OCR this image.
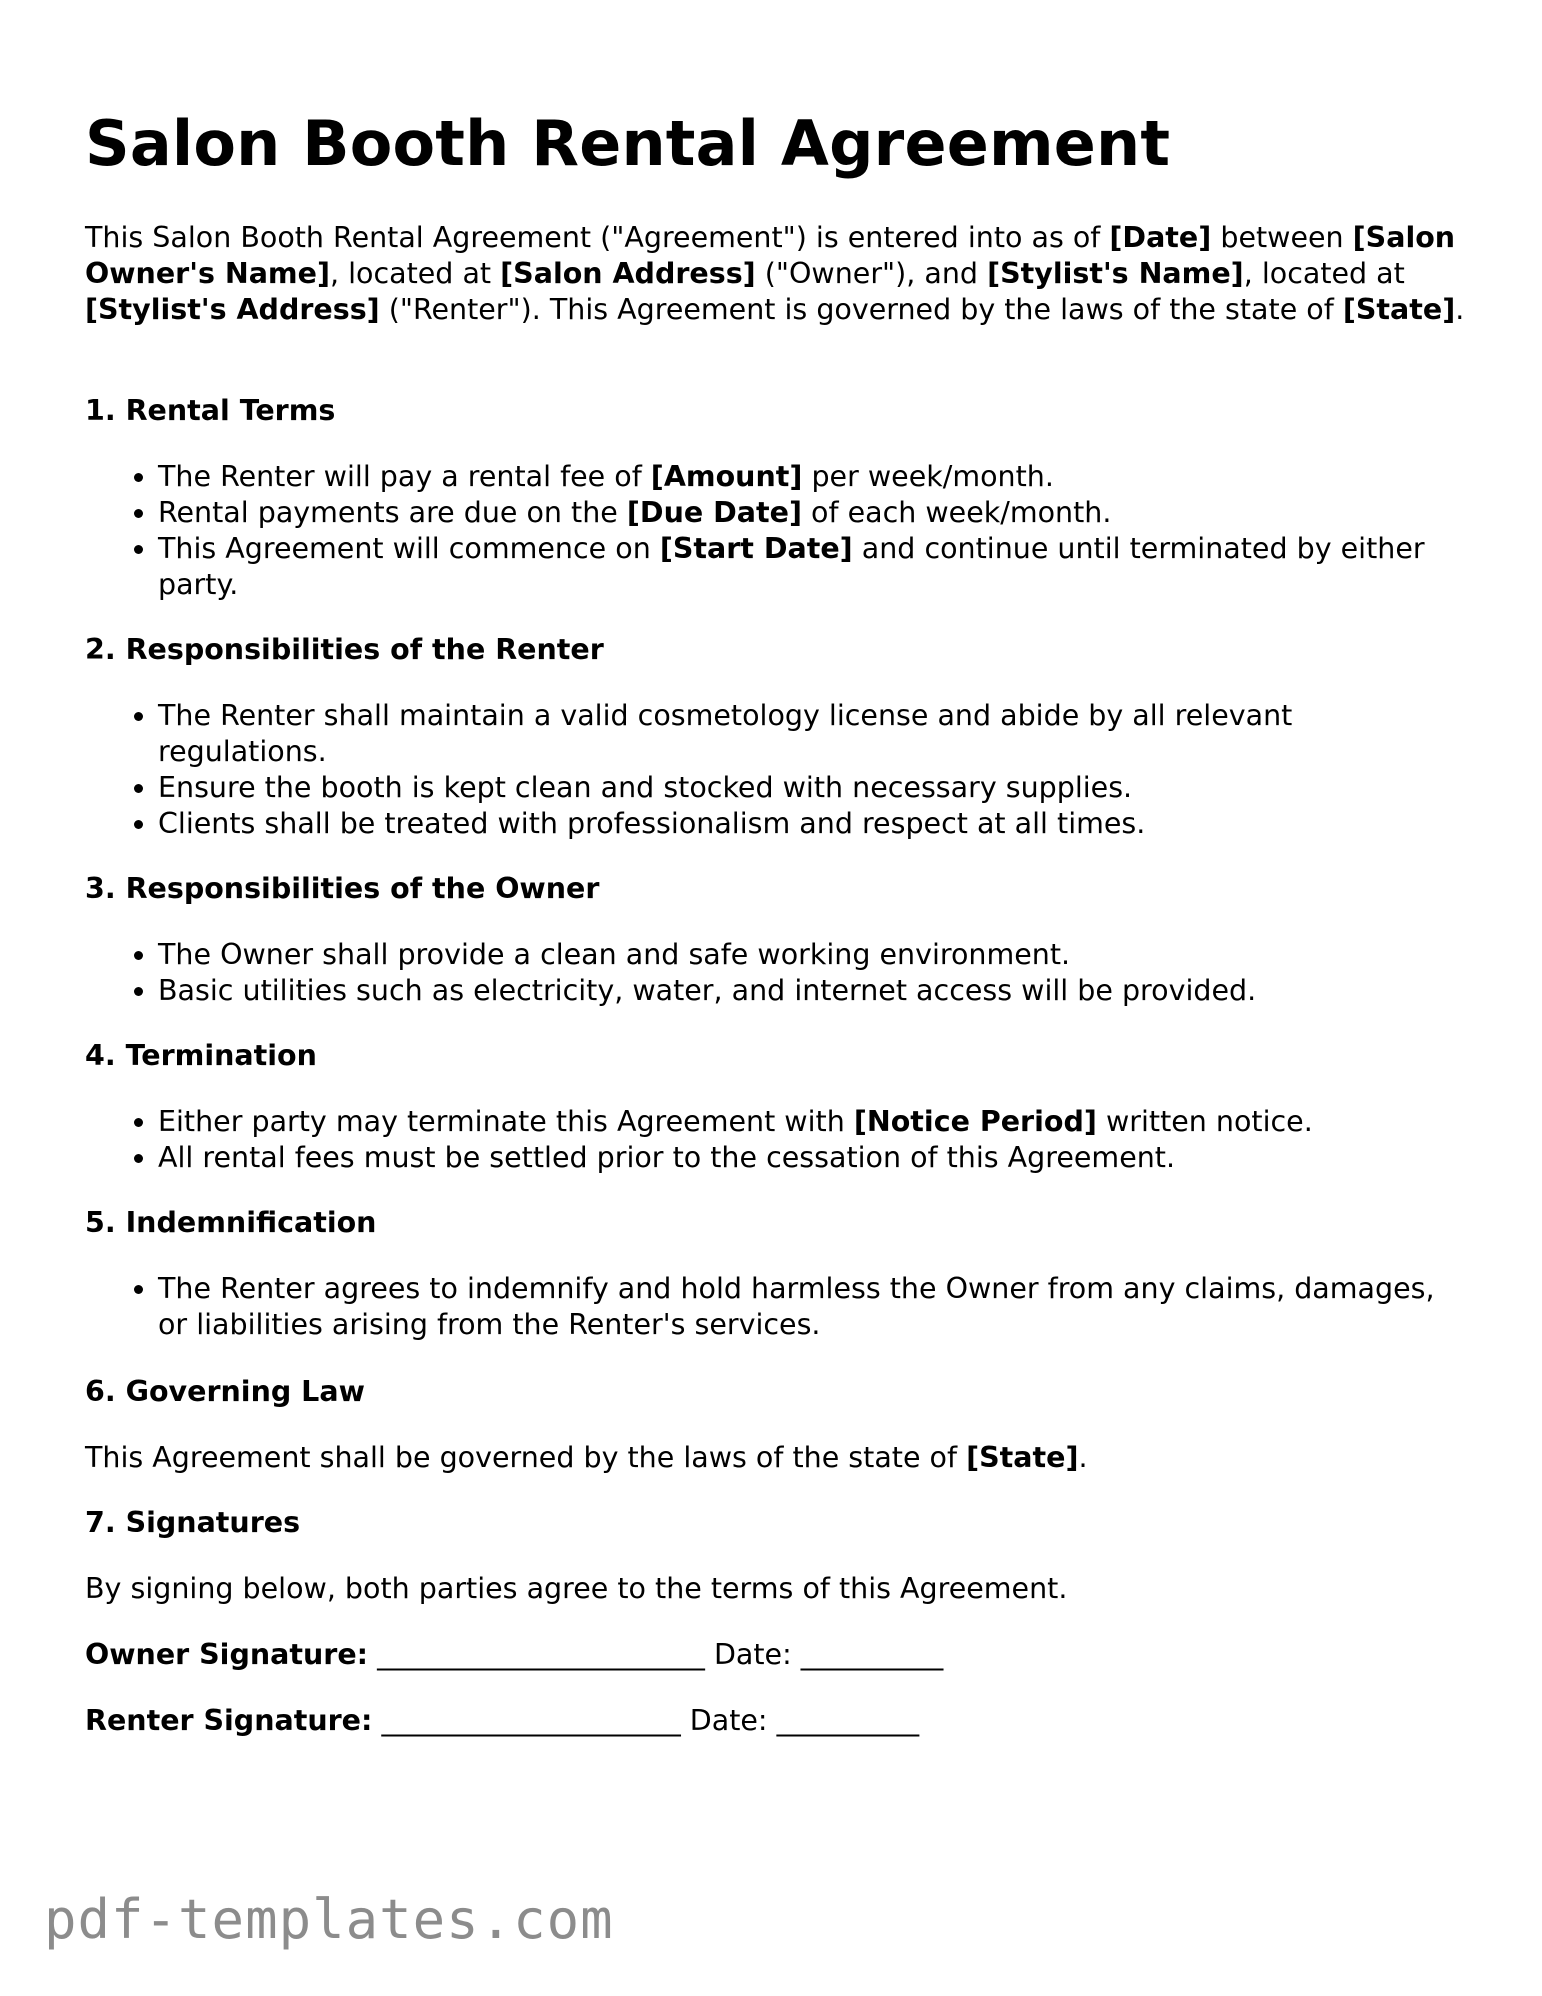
Salon Booth Rental Agreement

This Salon Booth Rental Agreement ("Agreement") is entered into as of [Date] between [Salon Owner's Name], located at [Salon Address] ("Owner"), and [Stylist's Name], located at [Stylist's Address] ("Renter"). This Agreement is governed by the laws of the state of [State].

1. Rental Terms
• The Renter will pay a rental fee of [Amount] per week/month.
• Rental payments are due on the [Due Date] of each week/month.
• This Agreement will commence on [Start Date] and continue until terminated by either party.
2. Responsibilities of the Renter
• The Renter shall maintain a valid cosmetology license and abide by all relevant regulations.
• Ensure the booth is kept clean and stocked with necessary supplies.
• Clients shall be treated with professionalism and respect at all times.
3. Responsibilities of the Owner
• The Owner shall provide a clean and safe working environment.
• Basic utilities such as electricity, water, and internet access will be provided.
4. Termination
• Either party may terminate this Agreement with [Notice Period] written notice.
• All rental fees must be settled prior to the cessation of this Agreement.
5. Indemnification
• The Renter agrees to indemnify and hold harmless the Owner from any claims, damages, or liabilities arising from the Renter's services.
6. Governing Law

This Agreement shall be governed by the laws of the state of [State].

7. Signatures

By signing below, both parties agree to the terms of this Agreement.

Owner Signature: _______________________ Date: __________

Renter Signature: _____________________ Date: __________

pdf-templates.com
